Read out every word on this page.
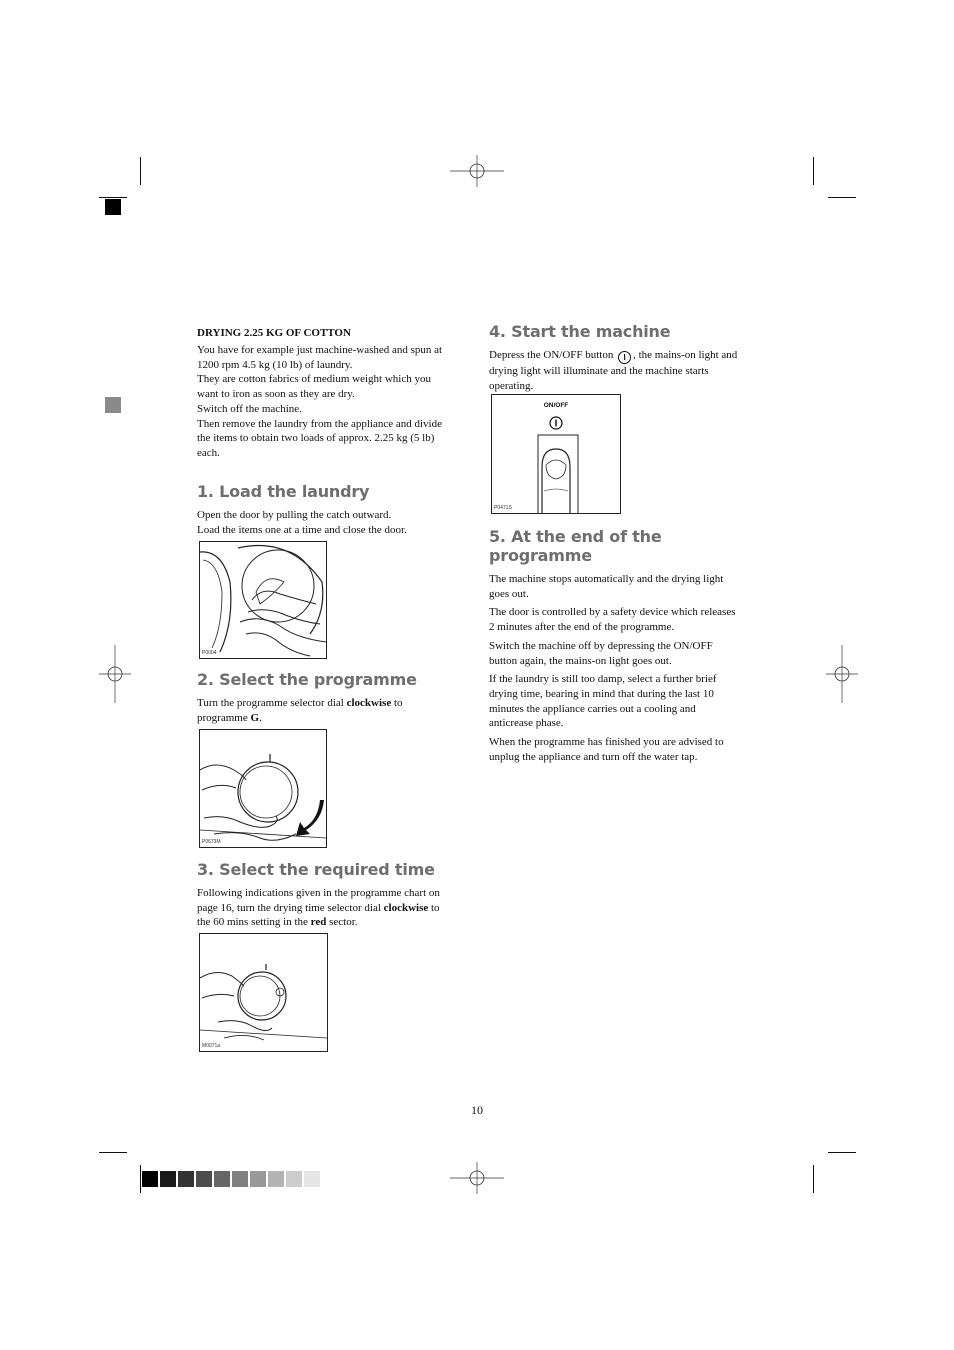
DRYING 2.25 KG OF COTTON

You have for example just machine-washed and spun at

1200 rpm 4.5 kg (10 lb) of laundry.

They are cotton fabrics of medium weight which you

want to iron as soon as they are dry.

Switch off the machine.

Then remove the laundry from the appliance and divide

the items to obtain two loads of approx. 2.25 kg (5 lb)

each.

1. Load the laundry

Open the door by pulling the catch outward.

Load the items one at a time and close the door.

P0004

2. Select the programme

Turn the programme selector dial clockwise to

programme G.

P0673M

3. Select the required time

Following indications given in the programme chart on

page 16, turn the drying time selector dial clockwise to

the 60 mins setting in the red sector.

M0071a

4. Start the machine

Depress the ON/OFF button I , the mains-on light and

drying light will illuminate and the machine starts

operating.

ON/OFF
P0471S

5. At the end of the programme

The machine stops automatically and the drying light

goes out.

The door is controlled by a safety device which releases

2 minutes after the end of the programme.

Switch the machine off by depressing the ON/OFF

button again, the mains-on light goes out.

If the laundry is still too damp, select a further brief

drying time, bearing in mind that during the last 10

minutes the appliance carries out a cooling and

anticrease phase.

When the programme has finished you are advised to

unplug the appliance and turn off the water tap.

10
